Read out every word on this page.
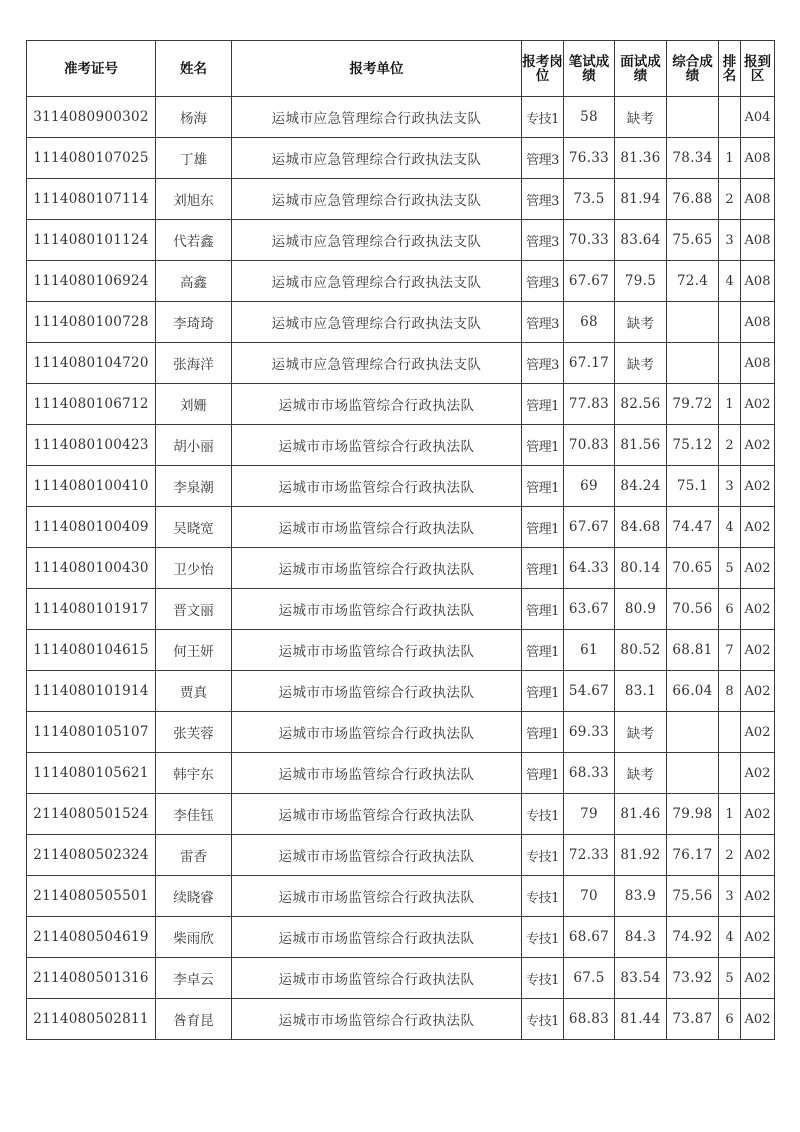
准考证号	姓名	报考单位	报考岗位	笔试成绩	面试成绩	综合成绩	排名	报到区
3114080900302	杨海	运城市应急管理综合行政执法支队	专技1	58	缺考			A04
1114080107025	丁雄	运城市应急管理综合行政执法支队	管理3	76.33	81.36	78.34	1	A08
1114080107114	刘旭东	运城市应急管理综合行政执法支队	管理3	73.5	81.94	76.88	2	A08
1114080101124	代若鑫	运城市应急管理综合行政执法支队	管理3	70.33	83.64	75.65	3	A08
1114080106924	高鑫	运城市应急管理综合行政执法支队	管理3	67.67	79.5	72.4	4	A08
1114080100728	李琦琦	运城市应急管理综合行政执法支队	管理3	68	缺考			A08
1114080104720	张海洋	运城市应急管理综合行政执法支队	管理3	67.17	缺考			A08
1114080106712	刘姗	运城市市场监管综合行政执法队	管理1	77.83	82.56	79.72	1	A02
1114080100423	胡小丽	运城市市场监管综合行政执法队	管理1	70.83	81.56	75.12	2	A02
1114080100410	李泉潮	运城市市场监管综合行政执法队	管理1	69	84.24	75.1	3	A02
1114080100409	吴晓宽	运城市市场监管综合行政执法队	管理1	67.67	84.68	74.47	4	A02
1114080100430	卫少怡	运城市市场监管综合行政执法队	管理1	64.33	80.14	70.65	5	A02
1114080101917	晋文丽	运城市市场监管综合行政执法队	管理1	63.67	80.9	70.56	6	A02
1114080104615	何王妍	运城市市场监管综合行政执法队	管理1	61	80.52	68.81	7	A02
1114080101914	贾真	运城市市场监管综合行政执法队	管理1	54.67	83.1	66.04	8	A02
1114080105107	张芙蓉	运城市市场监管综合行政执法队	管理1	69.33	缺考			A02
1114080105621	韩宇东	运城市市场监管综合行政执法队	管理1	68.33	缺考			A02
2114080501524	李佳钰	运城市市场监管综合行政执法队	专技1	79	81.46	79.98	1	A02
2114080502324	雷香	运城市市场监管综合行政执法队	专技1	72.33	81.92	76.17	2	A02
2114080505501	续晓睿	运城市市场监管综合行政执法队	专技1	70	83.9	75.56	3	A02
2114080504619	柴雨欣	运城市市场监管综合行政执法队	专技1	68.67	84.3	74.92	4	A02
2114080501316	李卓云	运城市市场监管综合行政执法队	专技1	67.5	83.54	73.92	5	A02
2114080502811	昝育昆	运城市市场监管综合行政执法队	专技1	68.83	81.44	73.87	6	A02
